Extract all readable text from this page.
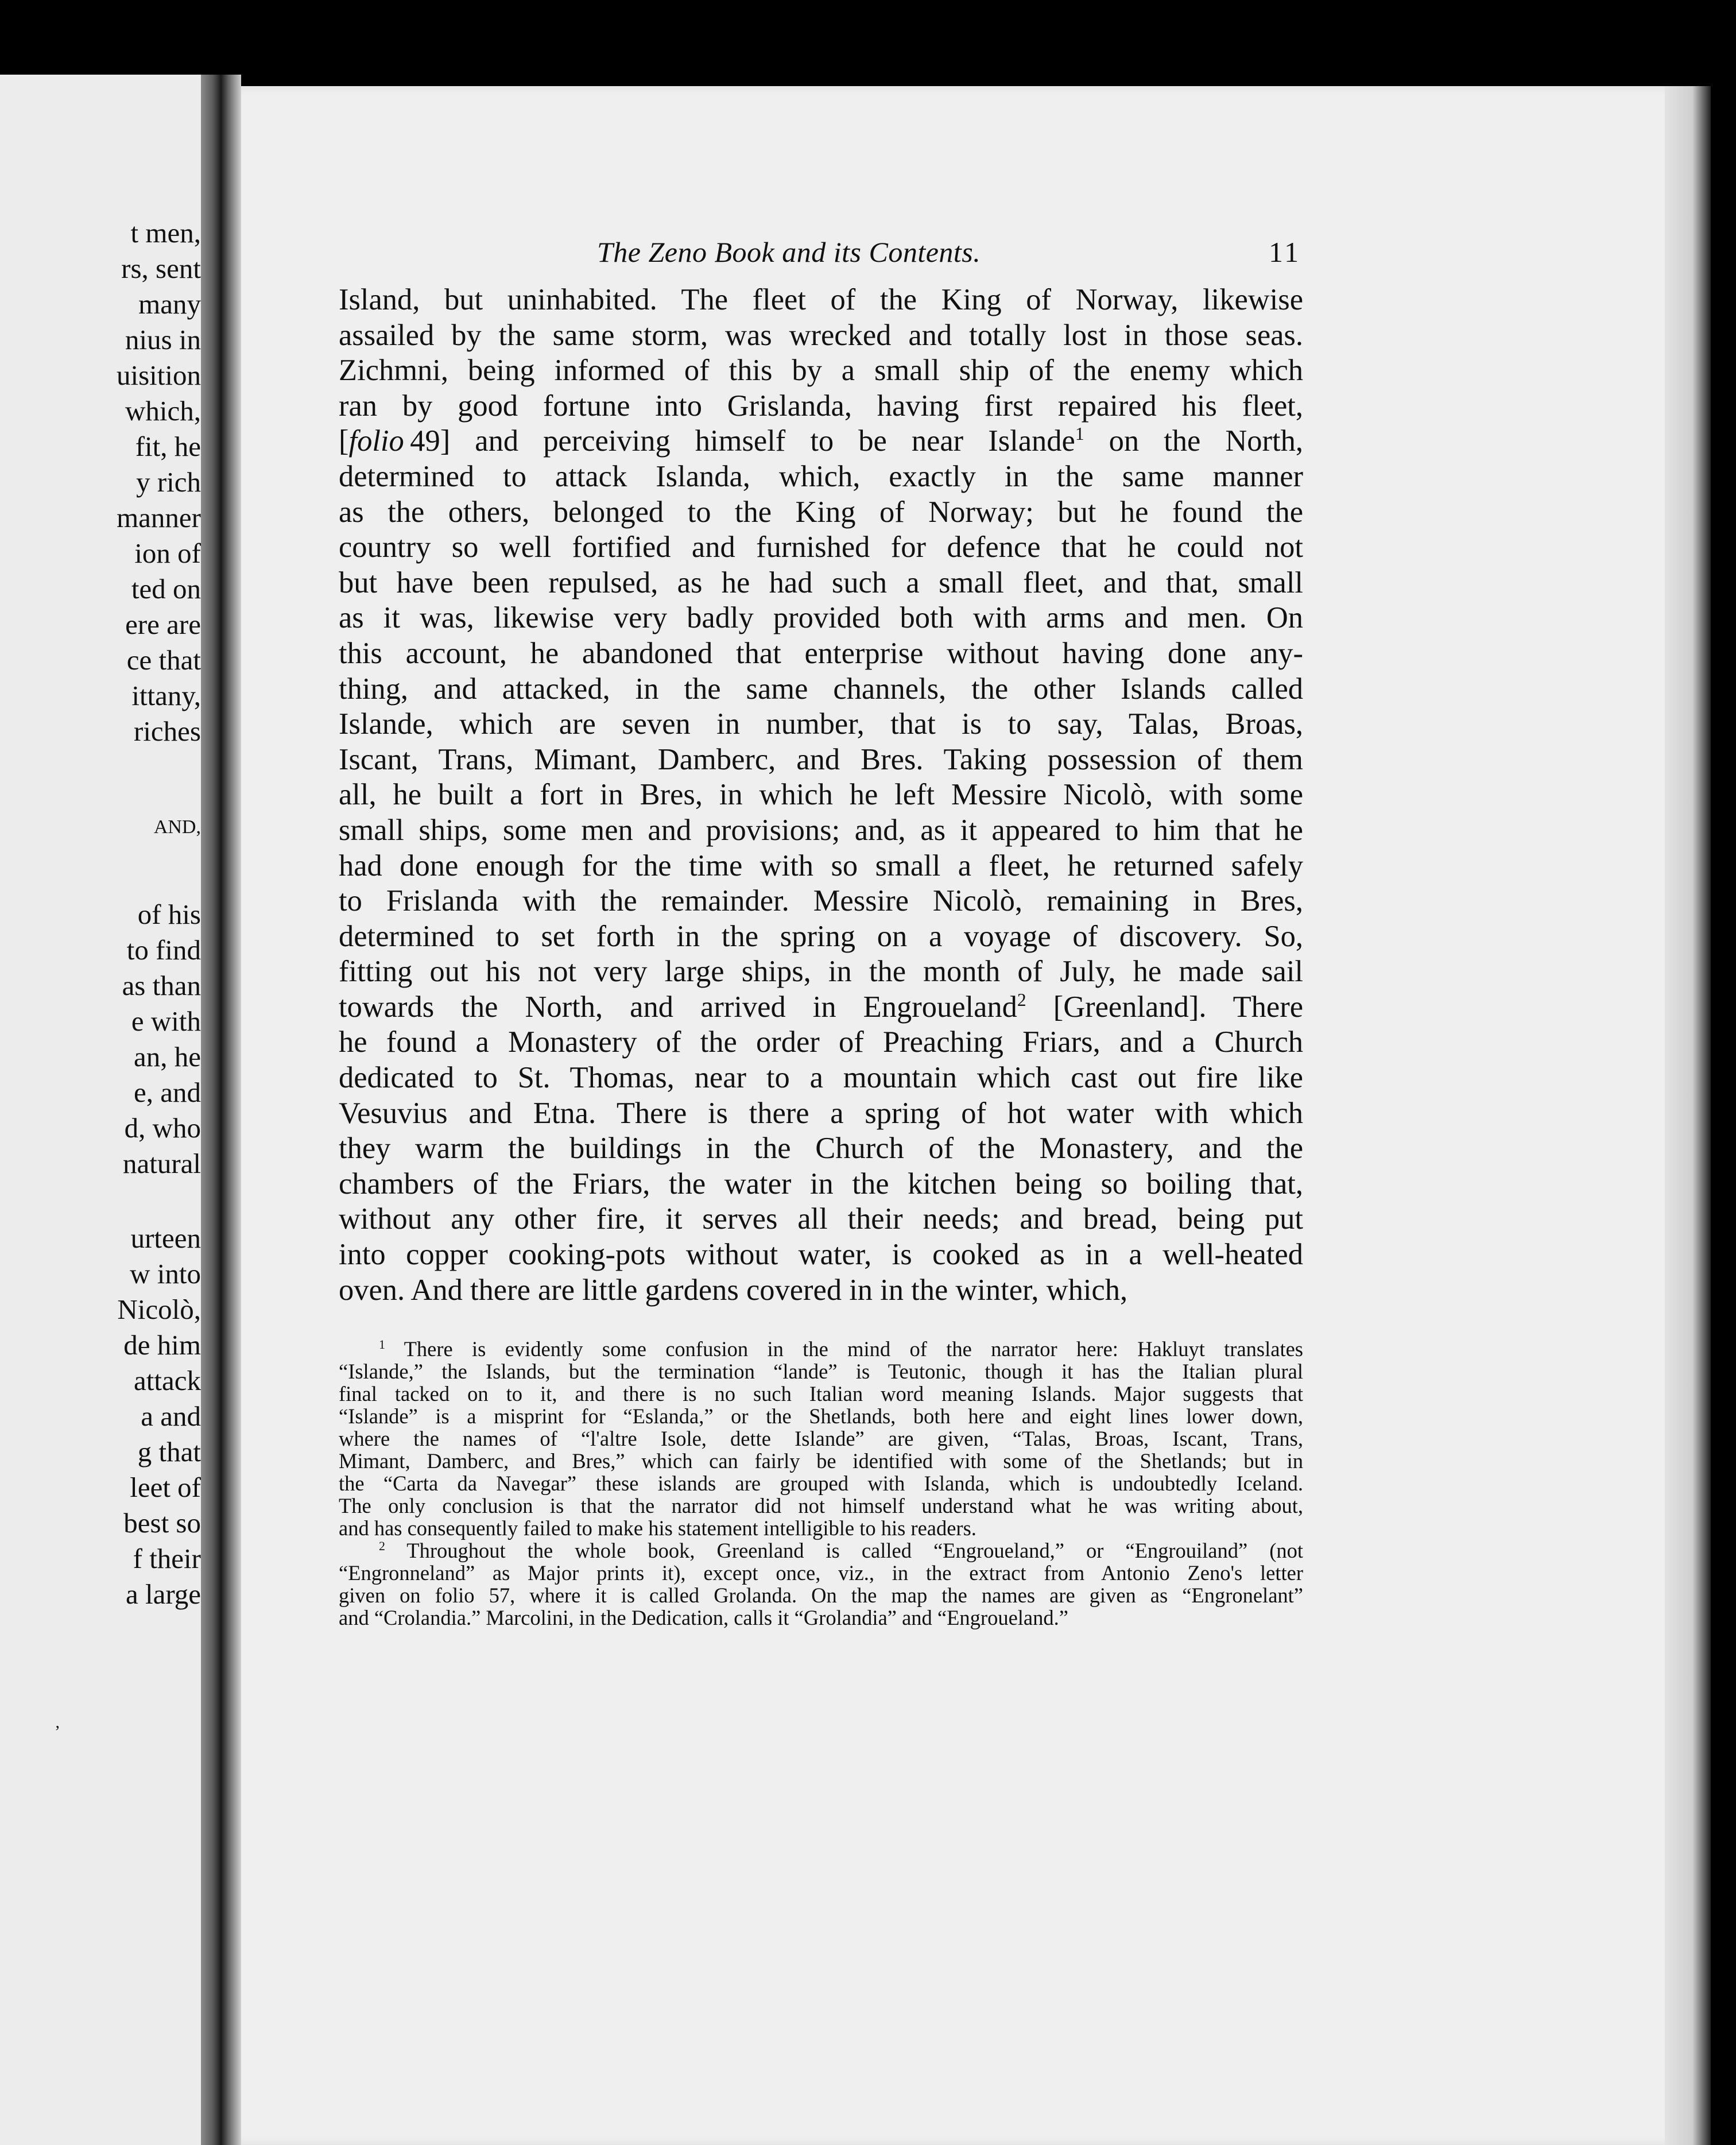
t men,
rs, sent
many
nius in
uisition
which,
fit, he
y rich
manner
ion of
ted on
ere are
ce that
ittany,
riches
AND,
of his
to find
as than
e with
an, he
e, and
d, who
natural
urteen
w into
Nicolò,
de him
attack
a and
g that
leet of
best so
f their
a large
ʼ
The Zeno Book and its Contents.	11
Island, but uninhabited. The fleet of the King of Norway, likewise
assailed by the same storm, was wrecked and totally lost in those seas.
Zichmni, being informed of this by a small ship of the enemy which
ran by good fortune into Grislanda, having first repaired his fleet,
[folio  49] and perceiving himself to be near Islande$^1$ on the North,
determined to attack Islanda, which, exactly in the same manner
as the others, belonged to the King of Norway; but he found the
country so well fortified and furnished for defence that he could not
but have been repulsed, as he had such a small fleet, and that, small
as it was, likewise very badly provided both with arms and men. On
this account, he abandoned that enterprise without having done any-
thing, and attacked, in the same channels, the other Islands called
Islande, which are seven in number, that is to say, Talas, Broas,
Iscant, Trans, Mimant, Damberc, and Bres. Taking possession of them
all, he built a fort in Bres, in which he left Messire Nicolò, with some
small ships, some men and provisions; and, as it appeared to him that he
had done enough for the time with so small a fleet, he returned safely
to Frislanda with the remainder. Messire Nicolò, remaining in Bres,
determined to set forth in the spring on a voyage of discovery. So,
fitting out his not very large ships, in the month of July, he made sail
towards the North, and arrived in Engroueland$^2$ [Greenland]. There
he found a Monastery of the order of Preaching Friars, and a Church
dedicated to St. Thomas, near to a mountain which cast out fire like
Vesuvius and Etna. There is there a spring of hot water with which
they warm the buildings in the Church of the Monastery, and the
chambers of the Friars, the water in the kitchen being so boiling that,
without any other fire, it serves all their needs; and bread, being put
into copper cooking-pots without water, is cooked as in a well-heated
oven. And there are little gardens covered in in the winter, which,
$^1$ There is evidently some confusion in the mind of the narrator here: Hakluyt translates
“Islande,” the Islands, but the termination “lande” is Teutonic, though it has the Italian plural
final tacked on to it, and there is no such Italian word meaning Islands. Major suggests that
“Islande” is a misprint for “Eslanda,” or the Shetlands, both here and eight lines lower down,
where the names of “l'altre Isole, dette Islande” are given, “Talas, Broas, Iscant, Trans,
Mimant, Damberc, and Bres,” which can fairly be identified with some of the Shetlands; but in
the “Carta da Navegar” these islands are grouped with Islanda, which is undoubtedly Iceland.
The only conclusion is that the narrator did not himself understand what he was writing about,
and has consequently failed to make his statement intelligible to his readers.
$^2$ Throughout the whole book, Greenland is called “Engroueland,” or “Engrouiland” (not
“Engronneland” as Major prints it), except once, viz., in the extract from Antonio Zeno's letter
given on folio 57, where it is called Grolanda. On the map the names are given as “Engronelant”
and “Crolandia.” Marcolini, in the Dedication, calls it “Grolandia” and “Engroueland.”
